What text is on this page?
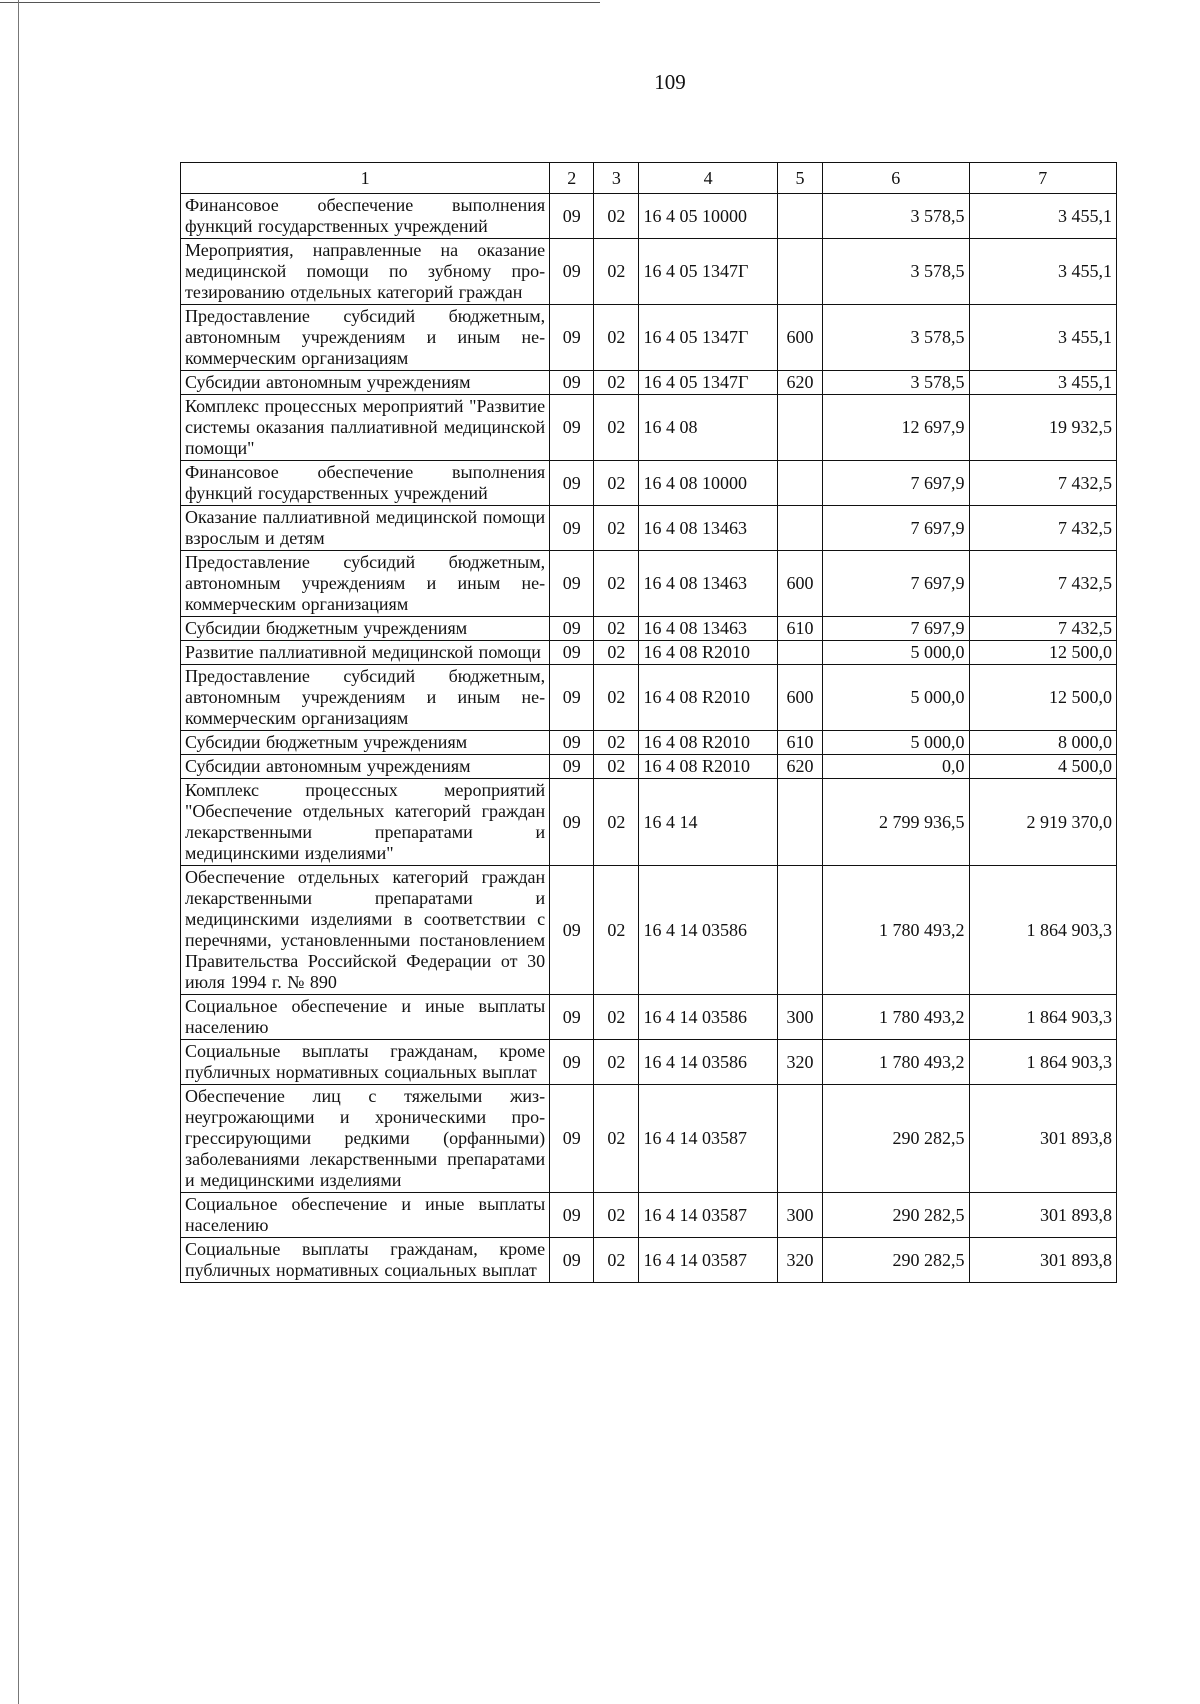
109
1	2	3	4	5	6	7
Финансовое обеспечение выполнения функций государственных учреждений	09	02	16 4 05 10000		3 578,5	3 455,1
Мероприятия, направленные на оказание медицинской помощи по зубному протезированию отдельных категорий граждан	09	02	16 4 05 1347Г		3 578,5	3 455,1
Предоставление субсидий бюджетным, автономным учреждениям и иным некоммерческим организациям	09	02	16 4 05 1347Г	600	3 578,5	3 455,1
Субсидии автономным учреждениям	09	02	16 4 05 1347Г	620	3 578,5	3 455,1
Комплекс процессных мероприятий "Развитие системы оказания паллиативной медицинской помощи"	09	02	16 4 08		12 697,9	19 932,5
Финансовое обеспечение выполнения функций государственных учреждений	09	02	16 4 08 10000		7 697,9	7 432,5
Оказание паллиативной медицинской помощи взрослым и детям	09	02	16 4 08 13463		7 697,9	7 432,5
Предоставление субсидий бюджетным, автономным учреждениям и иным некоммерческим организациям	09	02	16 4 08 13463	600	7 697,9	7 432,5
Субсидии бюджетным учреждениям	09	02	16 4 08 13463	610	7 697,9	7 432,5
Развитие паллиативной медицинской помощи	09	02	16 4 08 R2010		5 000,0	12 500,0
Предоставление субсидий бюджетным, автономным учреждениям и иным некоммерческим организациям	09	02	16 4 08 R2010	600	5 000,0	12 500,0
Субсидии бюджетным учреждениям	09	02	16 4 08 R2010	610	5 000,0	8 000,0
Субсидии автономным учреждениям	09	02	16 4 08 R2010	620	0,0	4 500,0
Комплекс процессных мероприятий "Обеспечение отдельных категорий граждан лекарственными препаратами и медицинскими изделиями"	09	02	16 4 14		2 799 936,5	2 919 370,0
Обеспечение отдельных категорий граждан лекарственными препаратами и медицинскими изделиями в соответствии с перечнями, установленными постановлением Правительства Российской Федерации от 30 июля 1994 г. № 890	09	02	16 4 14 03586		1 780 493,2	1 864 903,3
Социальное обеспечение и иные выплаты населению	09	02	16 4 14 03586	300	1 780 493,2	1 864 903,3
Социальные выплаты гражданам, кроме публичных нормативных социальных выплат	09	02	16 4 14 03586	320	1 780 493,2	1 864 903,3
Обеспечение лиц с тяжелыми жизнеугрожающими и хроническими прогрессирующими редкими (орфанными) заболеваниями лекарственными препаратами и медицинскими изделиями	09	02	16 4 14 03587		290 282,5	301 893,8
Социальное обеспечение и иные выплаты населению	09	02	16 4 14 03587	300	290 282,5	301 893,8
Социальные выплаты гражданам, кроме публичных нормативных социальных выплат	09	02	16 4 14 03587	320	290 282,5	301 893,8
